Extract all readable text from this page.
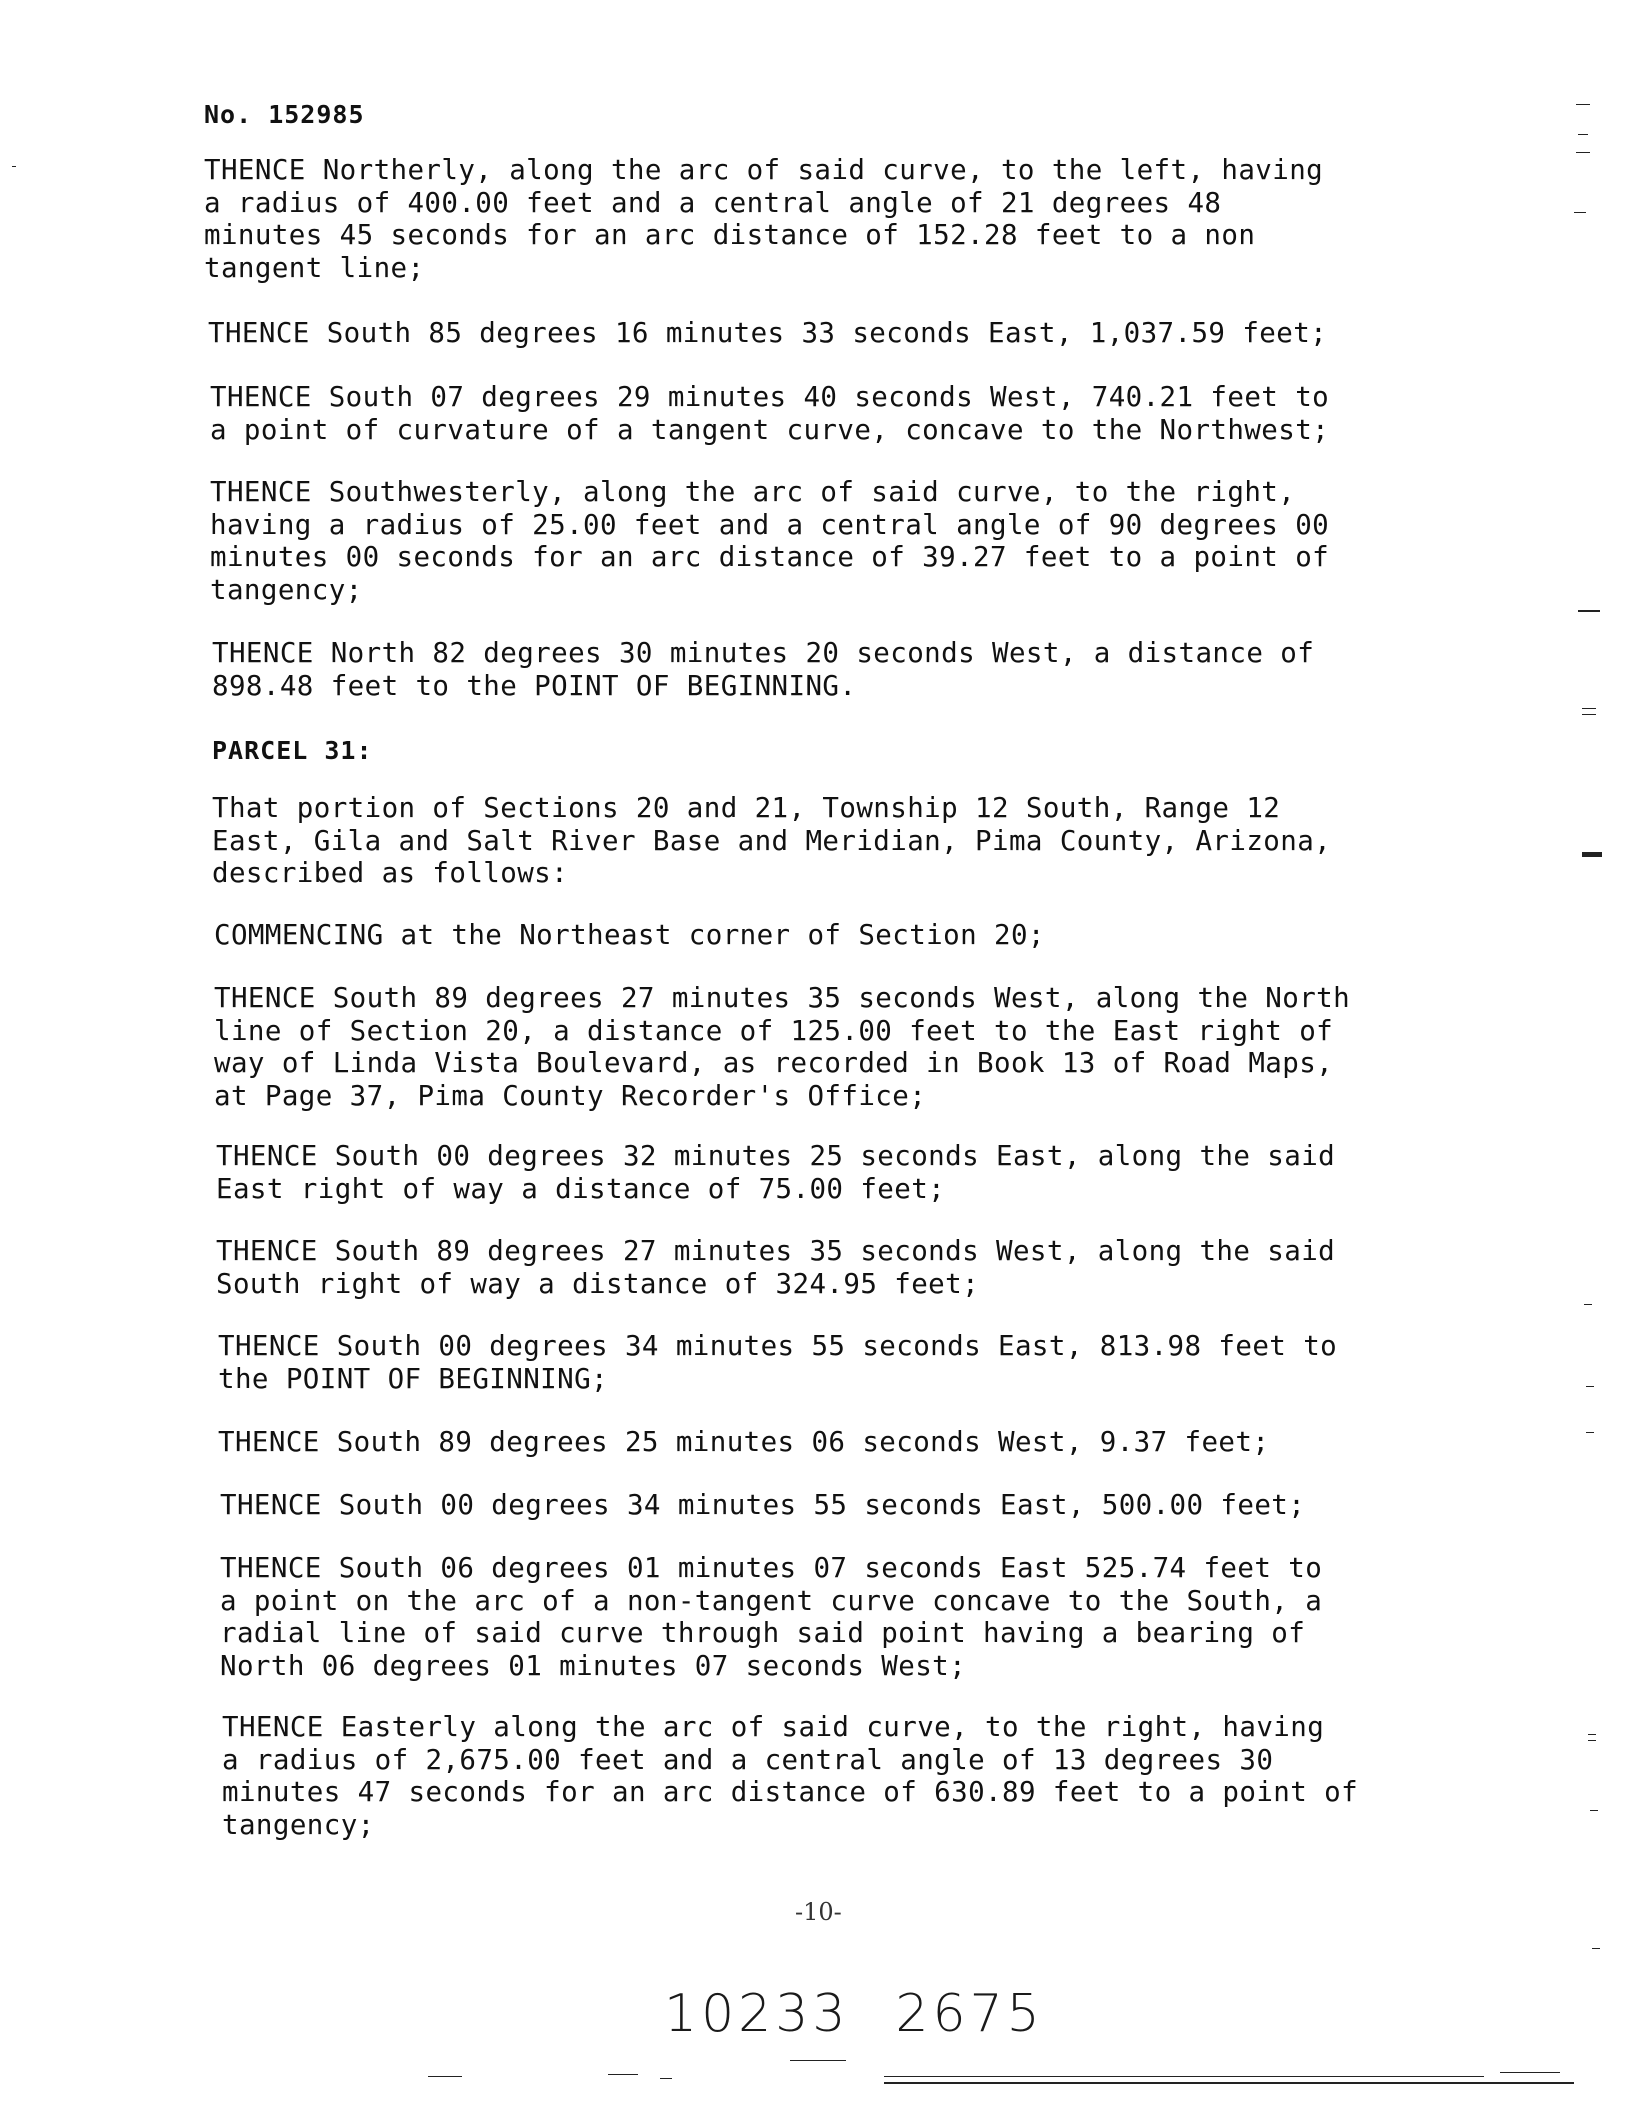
No. 152985

THENCE Northerly, along the arc of said curve, to the left, having
a radius of 400.00 feet and a central angle of 21 degrees 48
minutes 45 seconds for an arc distance of 152.28 feet to a non
tangent line;

THENCE South 85 degrees 16 minutes 33 seconds East, 1,037.59 feet;

THENCE South 07 degrees 29 minutes 40 seconds West, 740.21 feet to
a point of curvature of a tangent curve, concave to the Northwest;

THENCE Southwesterly, along the arc of said curve, to the right,
having a radius of 25.00 feet and a central angle of 90 degrees 00
minutes 00 seconds for an arc distance of 39.27 feet to a point of
tangency;

THENCE North 82 degrees 30 minutes 20 seconds West, a distance of
898.48 feet to the POINT OF BEGINNING.

PARCEL 31:

That portion of Sections 20 and 21, Township 12 South, Range 12
East, Gila and Salt River Base and Meridian, Pima County, Arizona,
described as follows:

COMMENCING at the Northeast corner of Section 20;

THENCE South 89 degrees 27 minutes 35 seconds West, along the North
line of Section 20, a distance of 125.00 feet to the East right of
way of Linda Vista Boulevard, as recorded in Book 13 of Road Maps,
at Page 37, Pima County Recorder's Office;

THENCE South 00 degrees 32 minutes 25 seconds East, along the said
East right of way a distance of 75.00 feet;

THENCE South 89 degrees 27 minutes 35 seconds West, along the said
South right of way a distance of 324.95 feet;

THENCE South 00 degrees 34 minutes 55 seconds East, 813.98 feet to
the POINT OF BEGINNING;

THENCE South 89 degrees 25 minutes 06 seconds West, 9.37 feet;

THENCE South 00 degrees 34 minutes 55 seconds East, 500.00 feet;

THENCE South 06 degrees 01 minutes 07 seconds East 525.74 feet to
a point on the arc of a non-tangent curve concave to the South, a
radial line of said curve through said point having a bearing of
North 06 degrees 01 minutes 07 seconds West;

THENCE Easterly along the arc of said curve, to the right, having
a radius of 2,675.00 feet and a central angle of 13 degrees 30
minutes 47 seconds for an arc distance of 630.89 feet to a point of
tangency;

-10-
10233 2675
